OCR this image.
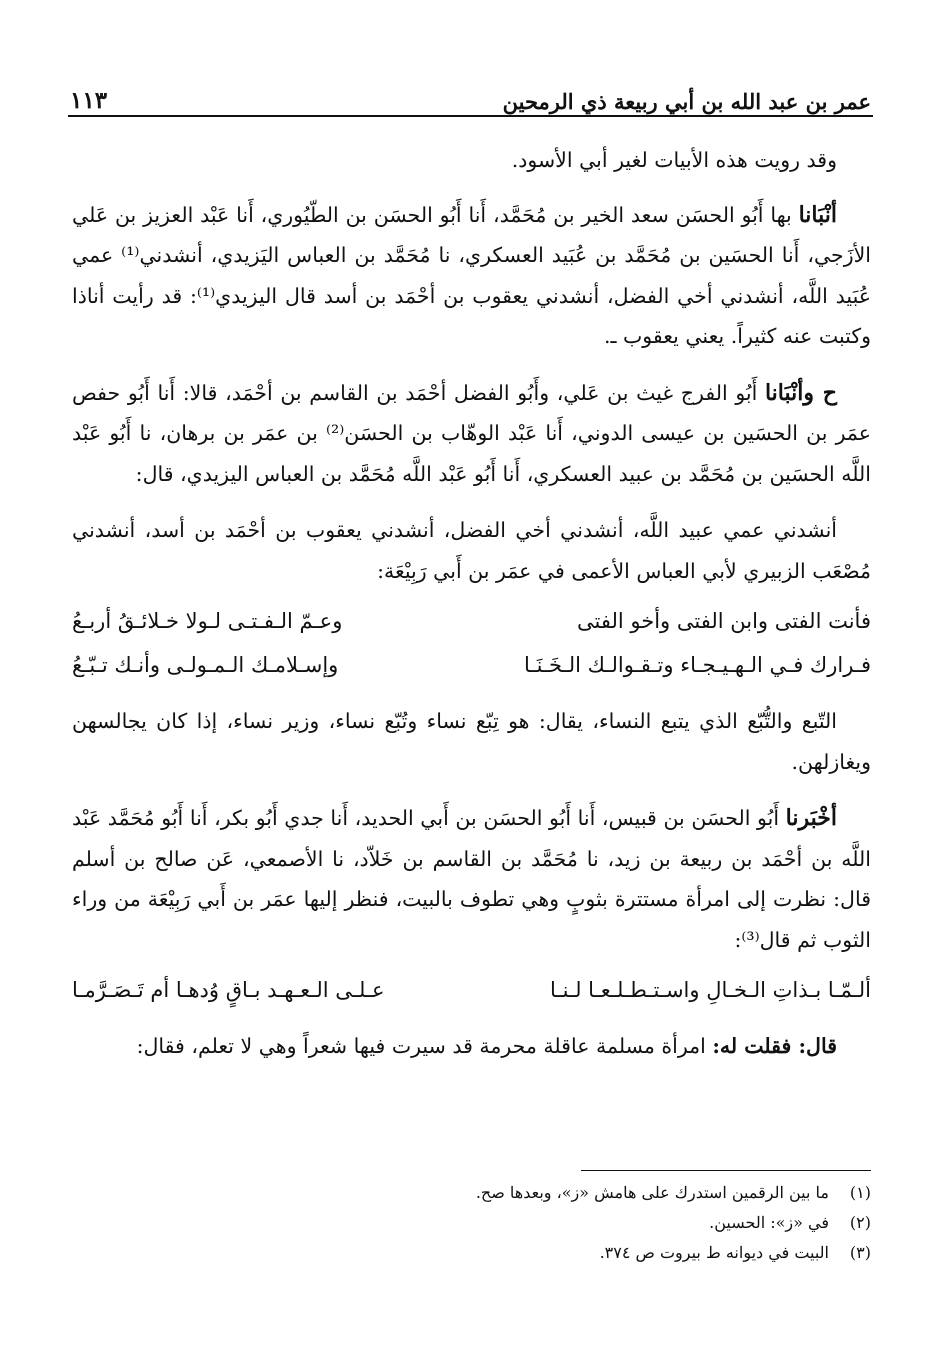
عمر بن عبد الله بن أبي ربيعة ذي الرمحين
١١٣

وقد رويت هذه الأبيات لغير أبي الأسود.

أنْبَانا بها أَبُو الحسَن سعد الخير بن مُحَمَّد، أَنا أَبُو الحسَن بن الطّيُوري، أَنا عَبْد العزيز بن عَلي الأزَجي، أَنا الحسَين بن مُحَمَّد بن عُبَيد العسكري، نا مُحَمَّد بن العباس اليَزيدي، أنشدني⁽¹⁾ عمي عُبَيد اللَّه، أنشدني أخي الفضل، أنشدني يعقوب بن أحْمَد بن أسد قال اليزيدي⁽¹⁾: قد رأيت أناذا وكتبت عنه كثيراً. يعني يعقوب ـ.

ح وأنْبَانا أَبُو الفرج غيث بن عَلي، وأَبُو الفضل أحْمَد بن القاسم بن أحْمَد، قالا: أَنا أَبُو حفص عمَر بن الحسَين بن عيسى الدوني، أَنا عَبْد الوهّاب بن الحسَن⁽²⁾ بن عمَر بن برهان، نا أَبُو عَبْد اللَّه الحسَين بن مُحَمَّد بن عبيد العسكري، أَنا أَبُو عَبْد اللَّه مُحَمَّد بن العباس اليزيدي، قال:

أنشدني عمي عبيد اللَّه، أنشدني أخي الفضل، أنشدني يعقوب بن أحْمَد بن أسد، أنشدني مُصْعَب الزبيري لأبي العباس الأعمى في عمَر بن أَبي رَبِيْعَة:

فأنت الفتى وابن الفتى وأخو الفتى
وعـمّ الـفـتـى لـولا خـلائـقُ أربـعُ
فـرارك فـي الـهـيـجـاء وتـقـوالـك الـخَـنَـا
وإسـلامـك الـمـولـى وأنـك تـبّـعُ

التّبع والتُّبّع الذي يتبع النساء، يقال: هو تِبّع نساء وتُبّع نساء، وزير نساء، إذا كان يجالسهن ويغازلهن.

أخْبَرنا أَبُو الحسَن بن قبيس، أَنا أَبُو الحسَن بن أَبي الحديد، أَنا جدي أَبُو بكر، أَنا أَبُو مُحَمَّد عَبْد اللَّه بن أحْمَد بن ربيعة بن زيد، نا مُحَمَّد بن القاسم بن خَلاّد، نا الأصمعي، عَن صالح بن أسلم قال: نظرت إلى امرأة مستترة بثوبٍ وهي تطوف بالبيت، فنظر إليها عمَر بن أَبي رَبِيْعَة من وراء الثوب ثم قال⁽³⁾:

ألـمّـا بـذاتِ الـخـالِ واسـتـطـلـعـا لـنـا
عـلـى الـعـهـد بـاقٍ وُدهـا أم تَـصَـرَّمـا

قال: فقلت له: امرأة مسلمة عاقلة محرمة قد سيرت فيها شعراً وهي لا تعلم، فقال:

(١)
ما بين الرقمين استدرك على هامش «ز»، وبعدها صح.

(٢)
في «ز»: الحسين.

(٣)
البيت في ديوانه ط بيروت ص ٣٧٤.
